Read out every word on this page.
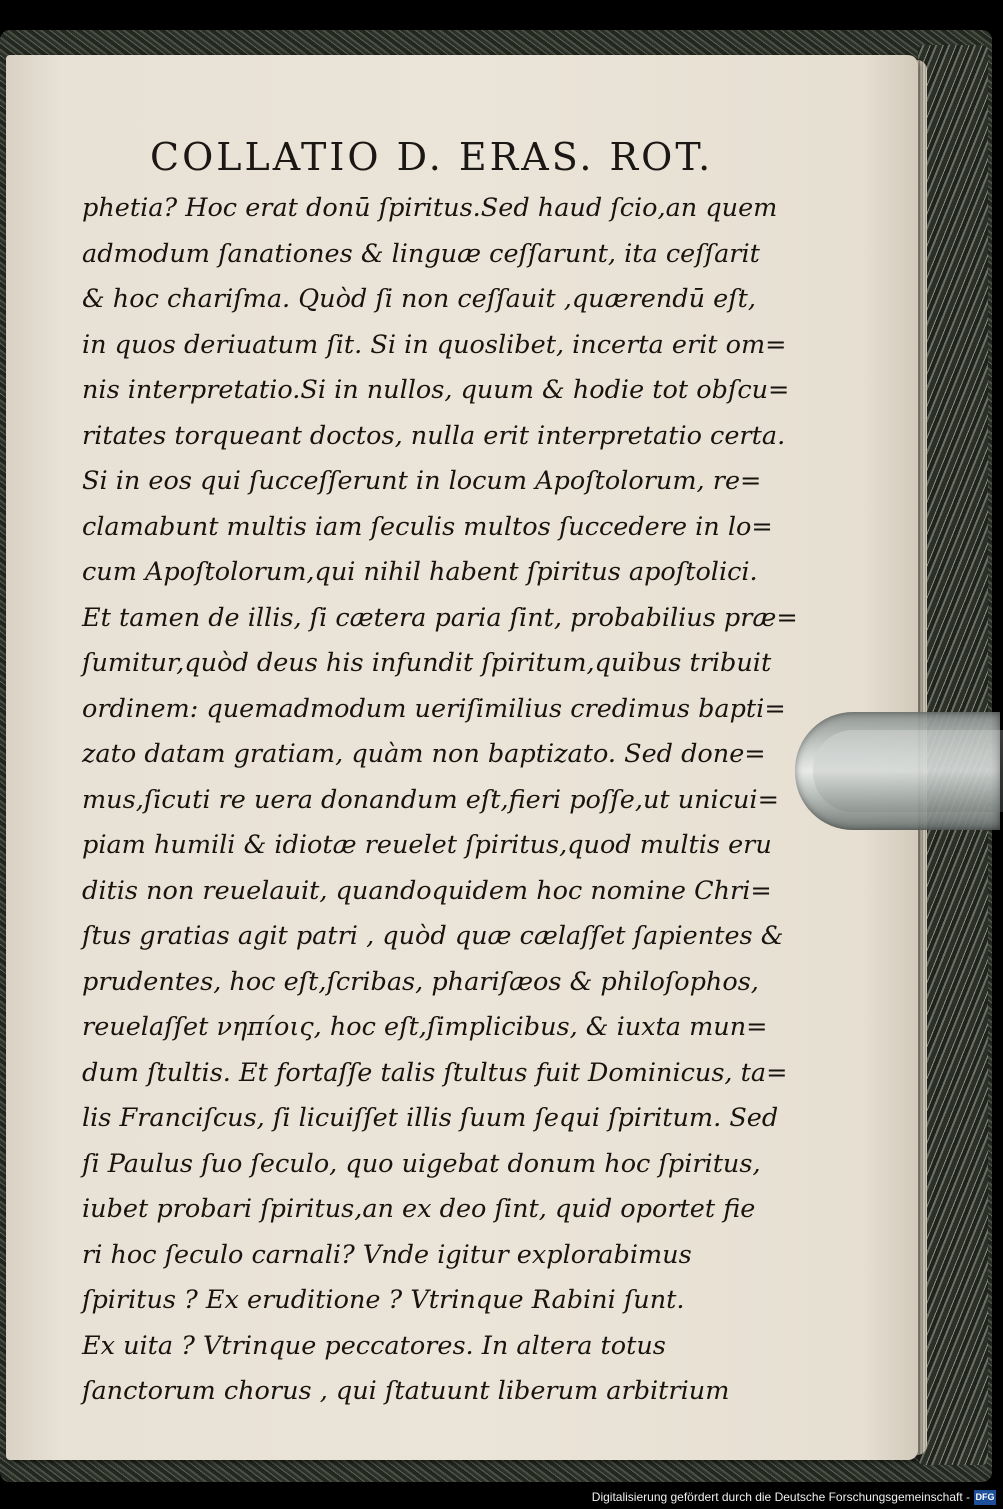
COLLATIO D. ERAS. ROT.
phetia? Hoc erat donū ſpiritus.Sed haud ſcio,an quem
admodum ſanationes & linguæ ceſſarunt, ita ceſſarit
& hoc chariſma. Quòd ſi non ceſſauit ,quærendū eſt,
in quos deriuatum ſit. Si in quoslibet, incerta erit om=
nis interpretatio.Si in nullos, quum & hodie tot obſcu=
ritates torqueant doctos, nulla erit interpretatio certa.
Si in eos qui ſucceſſerunt in locum Apoſtolorum, re=
clamabunt multis iam ſeculis multos ſuccedere in lo=
cum Apoſtolorum,qui nihil habent ſpiritus apoſtolici.
Et tamen de illis, ſi cætera paria ſint, probabilius præ=
ſumitur,quòd deus his infundit ſpiritum,quibus tribuit
ordinem: quemadmodum ueriſimilius credimus bapti=
zato datam gratiam, quàm non baptizato. Sed done=
mus,ſicuti re uera donandum eſt,fieri poſſe,ut unicui=
piam humili & idiotæ reuelet ſpiritus,quod multis eru
ditis non reuelauit, quandoquidem hoc nomine Chri=
ſtus gratias agit patri , quòd quæ cælaſſet ſapientes &
prudentes, hoc eſt,ſcribas, phariſæos & philoſophos,
reuelaſſet νηπίοις, hoc eſt,ſimplicibus, & iuxta mun=
dum ſtultis. Et fortaſſe talis ſtultus fuit Dominicus, ta=
lis Franciſcus, ſi licuiſſet illis ſuum ſequi ſpiritum. Sed
ſi Paulus ſuo ſeculo, quo uigebat donum hoc ſpiritus,
iubet probari ſpiritus,an ex deo ſint, quid oportet fie
ri hoc ſeculo carnali? Vnde igitur explorabimus
ſpiritus ? Ex eruditione ? Vtrinque Rabini ſunt.
Ex uita ? Vtrinque peccatores. In altera totus
ſanctorum chorus , qui ſtatuunt liberum arbitrium
Digitalisierung gefördert durch die Deutsche Forschungsgemeinschaft - DFG
